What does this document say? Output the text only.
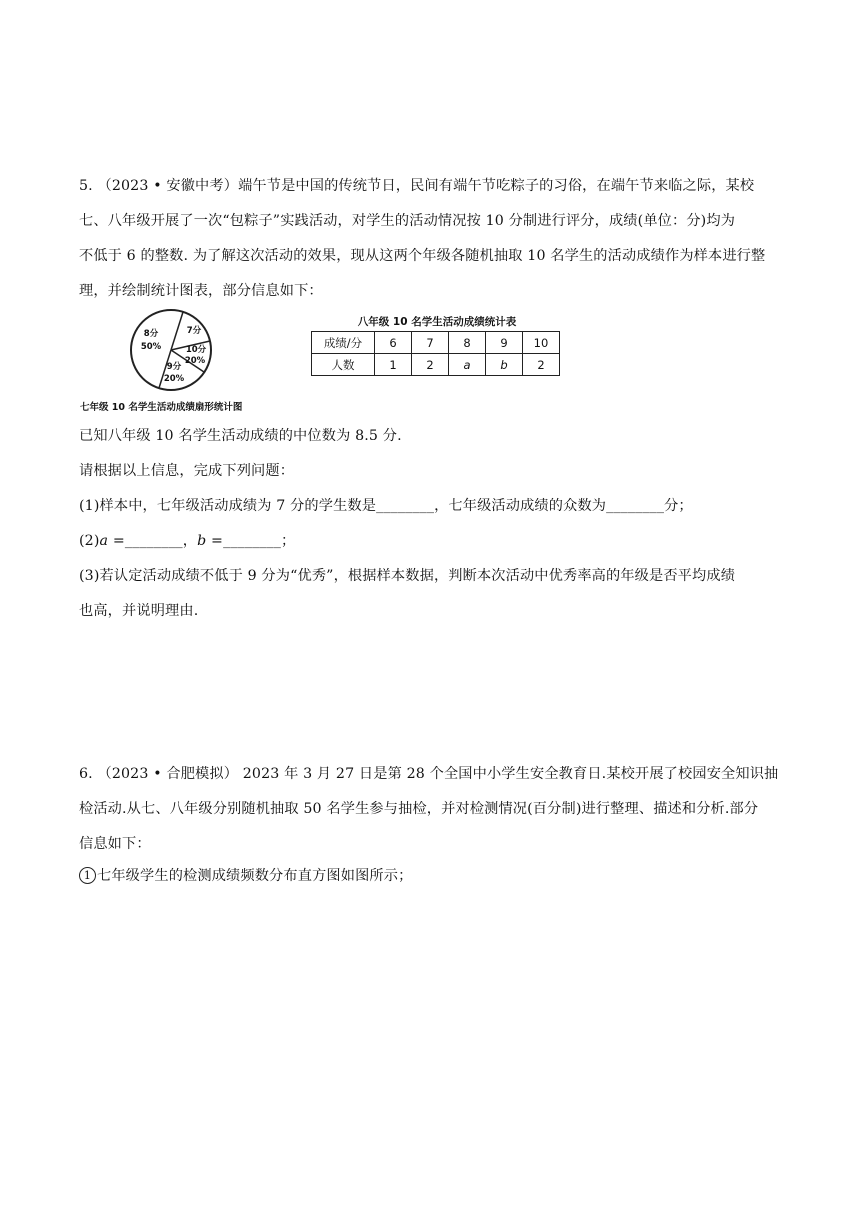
5. （2023 • 安徽中考）端午节是中国的传统节日，民间有端午节吃粽子的习俗，在端午节来临之际，某校
七、八年级开展了一次“包粽子”实践活动，对学生的活动情况按 10 分制进行评分，成绩(单位：分)均为
不低于 6 的整数. 为了解这次活动的效果，现从这两个年级各随机抽取 10 名学生的活动成绩作为样本进行整
理，并绘制统计图表，部分信息如下：
8分
50%
7分
10分
20%
9分
20%
七年级 10 名学生活动成绩扇形统计图
八年级 10 名学生活动成绩统计表
成绩/分	6	7	8	9	10
人数	1	2	a	b	2
已知八年级 10 名学生活动成绩的中位数为 8.5 分.
请根据以上信息，完成下列问题：
(1)样本中，七年级活动成绩为 7 分的学生数是________，七年级活动成绩的众数为________分；
(2)a =________，b =________；
(3)若认定活动成绩不低于 9 分为“优秀”，根据样本数据，判断本次活动中优秀率高的年级是否平均成绩
也高，并说明理由.
6. （2023 • 合肥模拟） 2023 年 3 月 27 日是第 28 个全国中小学生安全教育日.某校开展了校园安全知识抽
检活动.从七、八年级分别随机抽取 50 名学生参与抽检，并对检测情况(百分制)进行整理、描述和分析.部分
信息如下：
1 七年级学生的检测成绩频数分布直方图如图所示；
